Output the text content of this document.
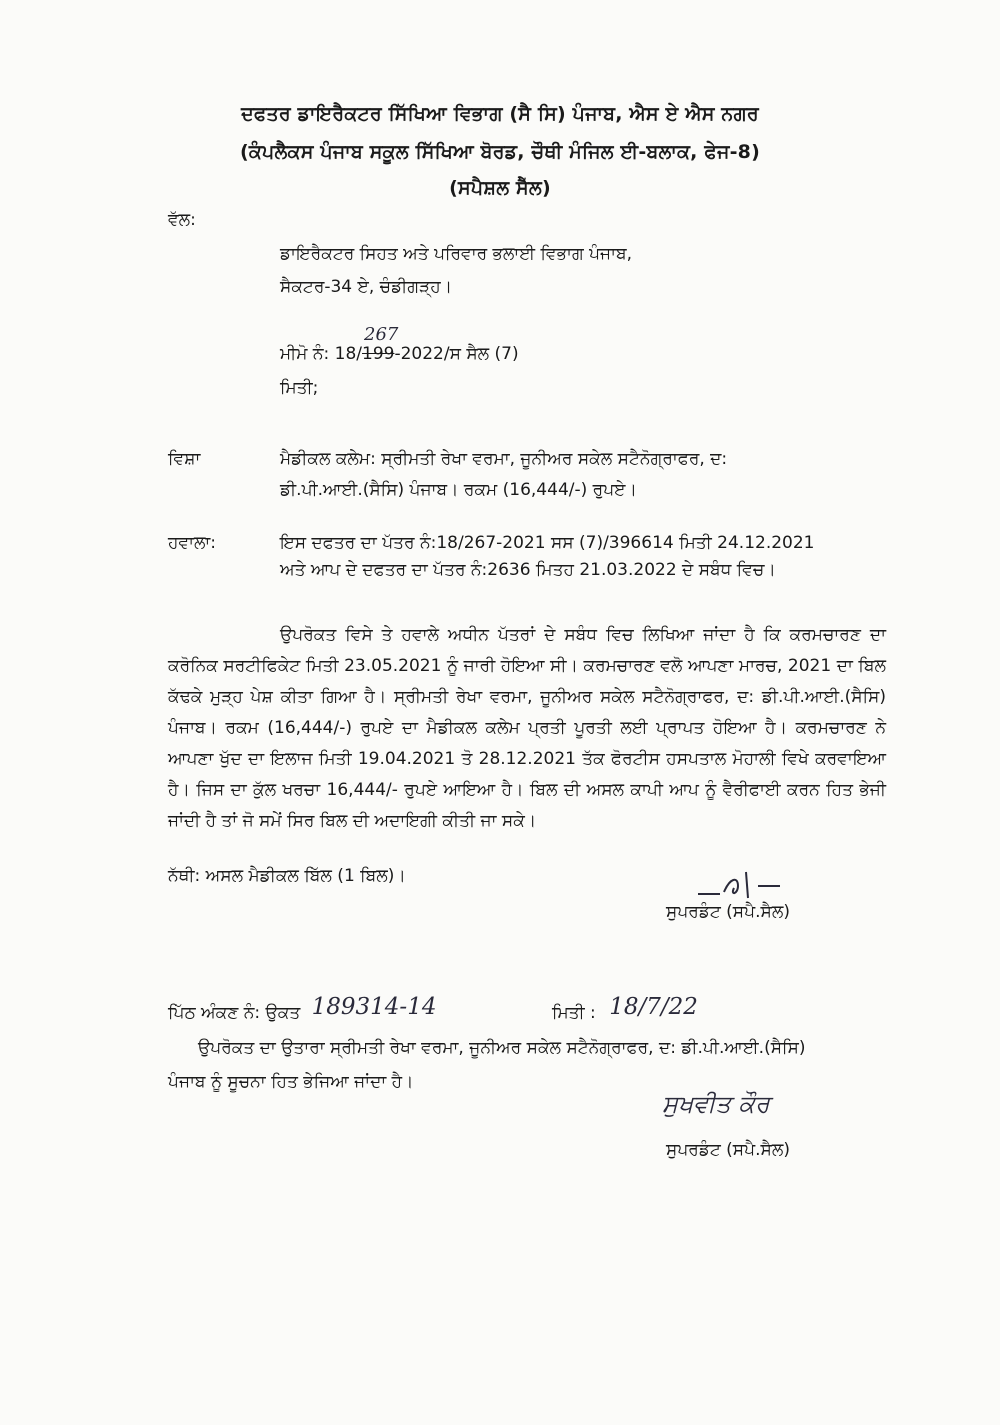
ਦਫਤਰ ਡਾਇਰੈਕਟਰ ਸਿੱਖਿਆ ਵਿਭਾਗ (ਸੈ ਸਿ) ਪੰਜਾਬ, ਐਸ ਏ ਐਸ ਨਗਰ
(ਕੰਪਲੈਕਸ ਪੰਜਾਬ ਸਕੂਲ ਸਿੱਖਿਆ ਬੋਰਡ, ਚੌਥੀ ਮੰਜਿਲ ਈ-ਬਲਾਕ, ਫੇਜ-8)
(ਸਪੈਸ਼ਲ ਸੈੱਲ)
ਵੱਲ:
ਡਾਇਰੈਕਟਰ ਸਿਹਤ ਅਤੇ ਪਰਿਵਾਰ ਭਲਾਈ ਵਿਭਾਗ ਪੰਜਾਬ,
ਸੈਕਟਰ-34 ਏ, ਚੰਡੀਗੜ੍ਹ।
ਮੀਮੋ ਨੰ: 18/199
267
-2022/ਸ ਸੈਲ (7)
ਮਿਤੀ;
ਵਿਸ਼ਾ	ਮੈਡੀਕਲ ਕਲੇਮ: ਸ੍ਰੀਮਤੀ ਰੇਖਾ ਵਰਮਾ, ਜੂਨੀਅਰ ਸਕੇਲ ਸਟੈਨੋਗ੍ਰਾਫਰ, ਦ:
ਡੀ.ਪੀ.ਆਈ.(ਸੈਸਿ) ਪੰਜਾਬ। ਰਕਮ (16,444/-) ਰੁਪਏ।
ਹਵਾਲਾ:	ਇਸ ਦਫਤਰ ਦਾ ਪੱਤਰ ਨੰ:18/267-2021 ਸਸ (7)/396614 ਮਿਤੀ 24.12.2021
ਅਤੇ ਆਪ ਦੇ ਦਫਤਰ ਦਾ ਪੱਤਰ ਨੰ:2636 ਮਿਤਹ 21.03.2022 ਦੇ ਸਬੰਧ ਵਿਚ।
ਉਪਰੋਕਤ ਵਿਸੇ ਤੇ ਹਵਾਲੇ ਅਧੀਨ ਪੱਤਰਾਂ ਦੇ ਸਬੰਧ ਵਿਚ ਲਿਖਿਆ ਜਾਂਦਾ ਹੈ ਕਿ ਕਰਮਚਾਰਣ ਦਾ ਕਰੋਨਿਕ ਸਰਟੀਫਿਕੇਟ ਮਿਤੀ 23.05.2021 ਨੂੰ ਜਾਰੀ ਹੋਇਆ ਸੀ। ਕਰਮਚਾਰਣ ਵਲੋ ਆਪਣਾ ਮਾਰਚ, 2021 ਦਾ ਬਿਲ ਕੱਢਕੇ ਮੁੜ੍ਹ ਪੇਸ਼ ਕੀਤਾ ਗਿਆ ਹੈ। ਸ੍ਰੀਮਤੀ ਰੇਖਾ ਵਰਮਾ, ਜੂਨੀਅਰ ਸਕੇਲ ਸਟੈਨੋਗ੍ਰਾਫਰ, ਦ: ਡੀ.ਪੀ.ਆਈ.(ਸੈਸਿ) ਪੰਜਾਬ। ਰਕਮ (16,444/-) ਰੁਪਏ ਦਾ ਮੈਡੀਕਲ ਕਲੇਮ ਪ੍ਰਤੀ ਪੂਰਤੀ ਲਈ ਪ੍ਰਾਪਤ ਹੋਇਆ ਹੈ। ਕਰਮਚਾਰਣ ਨੇ ਆਪਣਾ ਖੁੱਦ ਦਾ ਇਲਾਜ ਮਿਤੀ 19.04.2021 ਤੋ 28.12.2021 ਤੱਕ ਫੋਰਟੀਸ ਹਸਪਤਾਲ ਮੋਹਾਲੀ ਵਿਖੇ ਕਰਵਾਇਆ ਹੈ। ਜਿਸ ਦਾ ਕੁੱਲ ਖਰਚਾ 16,444/- ਰੁਪਏ ਆਇਆ ਹੈ। ਬਿਲ ਦੀ ਅਸਲ ਕਾਪੀ ਆਪ ਨੂੰ ਵੈਰੀਫਾਈ ਕਰਨ ਹਿਤ ਭੇਜੀ ਜਾਂਦੀ ਹੈ ਤਾਂ ਜੋ ਸਮੇਂ ਸਿਰ ਬਿਲ ਦੀ ਅਦਾਇਗੀ ਕੀਤੀ ਜਾ ਸਕੇ।
ਨੱਥੀ: ਅਸਲ ਮੈਡੀਕਲ ਬਿੱਲ (1 ਬਿਲ)।
ਸੁਪਰਡੰਟ (ਸਪੈ.ਸੈਲ)
ਪਿੱਠ ਅੰਕਣ ਨੰ: ਉਕਤ 189314-14	ਮਿਤੀ : 18/7/22
ਉਪਰੋਕਤ ਦਾ ਉਤਾਰਾ ਸ੍ਰੀਮਤੀ ਰੇਖਾ ਵਰਮਾ, ਜੂਨੀਅਰ ਸਕੇਲ ਸਟੈਨੋਗ੍ਰਾਫਰ, ਦ: ਡੀ.ਪੀ.ਆਈ.(ਸੈਸਿ)
ਪੰਜਾਬ ਨੂੰ ਸੂਚਨਾ ਹਿਤ ਭੇਜਿਆ ਜਾਂਦਾ ਹੈ।
ਸੁਖਵੀਤ ਕੌਰ
ਸੁਪਰਡੰਟ (ਸਪੈ.ਸੈਲ)
